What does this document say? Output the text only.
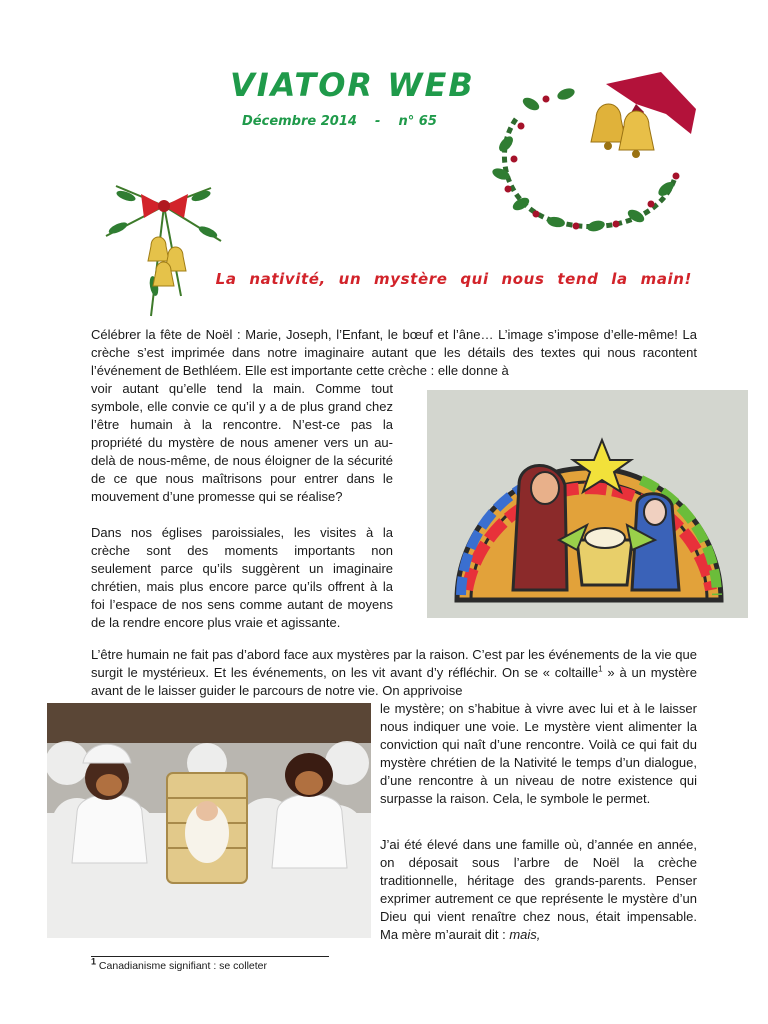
VIATOR WEB
Décembre 2014    -    n° 65
La nativité, un mystère qui nous tend la main!

Célébrer la fête de Noël : Marie, Joseph, l’Enfant, le bœuf et l’âne… L’image s’impose d’elle-même! La crèche s’est imprimée dans notre imaginaire autant que les détails des textes qui nous racontent l’événement de Bethléem. Elle est importante cette crèche : elle donne à

voir autant qu’elle tend la main. Comme tout symbole, elle convie ce qu’il y a de plus grand chez l’être humain à la rencontre. N’est-ce pas la propriété du mystère de nous amener vers un au-delà de nous-même, de nous éloigner de la sécurité de ce que nous maîtrisons pour entrer dans le mouvement d’une promesse qui se réalise?

Dans nos églises paroissiales, les visites à la crèche sont des moments importants non seulement parce qu’ils suggèrent un imaginaire chrétien, mais plus encore parce qu’ils offrent à la foi l’espace de nos sens comme autant de moyens de la rendre encore plus vraie et agissante.

L’être humain ne fait pas d’abord face aux mystères par la raison. C’est par les événements de la vie que surgit le mystérieux. Et les événements, on les vit avant d’y réfléchir. On se « coltaille$^1$ » à un mystère avant de le laisser guider le parcours de notre vie. On apprivoise

le mystère; on s’habitue à vivre avec lui et à le laisser nous indiquer une voie. Le mystère vient alimenter la conviction qui naît d’une rencontre. Voilà ce qui fait du mystère chrétien de la Nativité le temps d’un dialogue, d’une rencontre à un niveau de notre existence qui surpasse la raison. Cela, le symbole le permet.

J’ai été élevé dans une famille où, d’année en année, on déposait sous l’arbre de Noël la crèche traditionnelle, héritage des grands-parents. Penser exprimer autrement ce que représente le mystère d’un Dieu qui vient renaître chez nous, était impensable. Ma mère m’aurait dit : mais,

$^1$ Canadianisme signifiant : se colleter
